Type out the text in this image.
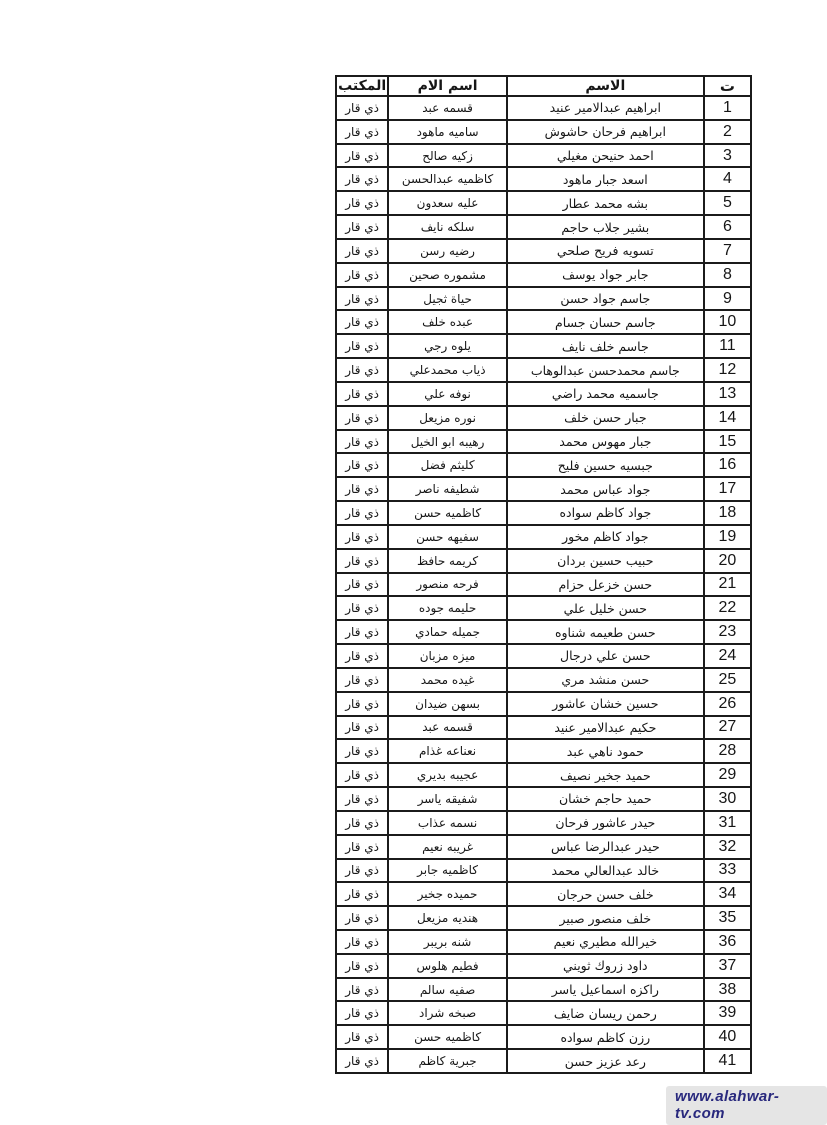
ت	الاسم	اسم الام	المكتب
1	ابراهيم عبدالامير عنيد	قسمه عبد	ذي قار
2	ابراهيم فرحان حاشوش	ساميه ماهود	ذي قار
3	احمد حنيحن مغيلي	زكيه صالح	ذي قار
4	اسعد جبار ماهود	كاظميه عبدالحسن	ذي قار
5	بشه محمد عطار	عليه سعدون	ذي قار
6	بشير جلاب حاجم	سلكه نايف	ذي قار
7	تسويه فريح صلحي	رضيه رسن	ذي قار
8	جابر جواد يوسف	مشموره صحين	ذي قار
9	جاسم جواد حسن	حياة ثجيل	ذي قار
10	جاسم حسان جسام	عبده خلف	ذي قار
11	جاسم خلف نايف	يلوه رجي	ذي قار
12	جاسم محمدحسن عبدالوهاب	ذياب محمدعلي	ذي قار
13	جاسميه محمد راضي	نوفه علي	ذي قار
14	جبار حسن خلف	نوره مزيعل	ذي قار
15	جبار مهوس محمد	رهيبه ابو الخيل	ذي قار
16	جبسيه حسين فليح	كليثم فضل	ذي قار
17	جواد عباس محمد	شطيفه ناصر	ذي قار
18	جواد كاظم سواده	كاظميه حسن	ذي قار
19	جواد كاظم مخور	سفيهه حسن	ذي قار
20	حبيب حسين بردان	كريمه حافظ	ذي قار
21	حسن خزعل حزام	فرحه منصور	ذي قار
22	حسن خليل علي	حليمه جوده	ذي قار
23	حسن طعيمه شناوه	جميله حمادي	ذي قار
24	حسن علي درجال	ميزه مزبان	ذي قار
25	حسن منشد مري	غيده محمد	ذي قار
26	حسين خشان عاشور	بسهن ضيدان	ذي قار
27	حكيم عبدالامير عنيد	قسمه عبد	ذي قار
28	حمود ناهي عبد	نعناعه غذام	ذي قار
29	حميد جخير نصيف	عجيبه بديري	ذي قار
30	حميد حاجم خشان	شفيقه ياسر	ذي قار
31	حيدر عاشور فرحان	نسمه عذاب	ذي قار
32	حيدر عبدالرضا عباس	غريبه نعيم	ذي قار
33	خالد عبدالعالي محمد	كاظميه جابر	ذي قار
34	خلف حسن حرجان	حميده جخير	ذي قار
35	خلف منصور صبير	هنديه مزيعل	ذي قار
36	خيرالله مطيري نعيم	شنه بريبر	ذي قار
37	داود زروك ثويني	فطيم هلوس	ذي قار
38	راكزه اسماعيل ياسر	صفيه سالم	ذي قار
39	رحمن ريسان ضايف	صبخه شراد	ذي قار
40	رزن كاظم سواده	كاظميه حسن	ذي قار
41	رعد عزيز حسن	جبرية كاظم	ذي قار
www.alahwar-tv.com
